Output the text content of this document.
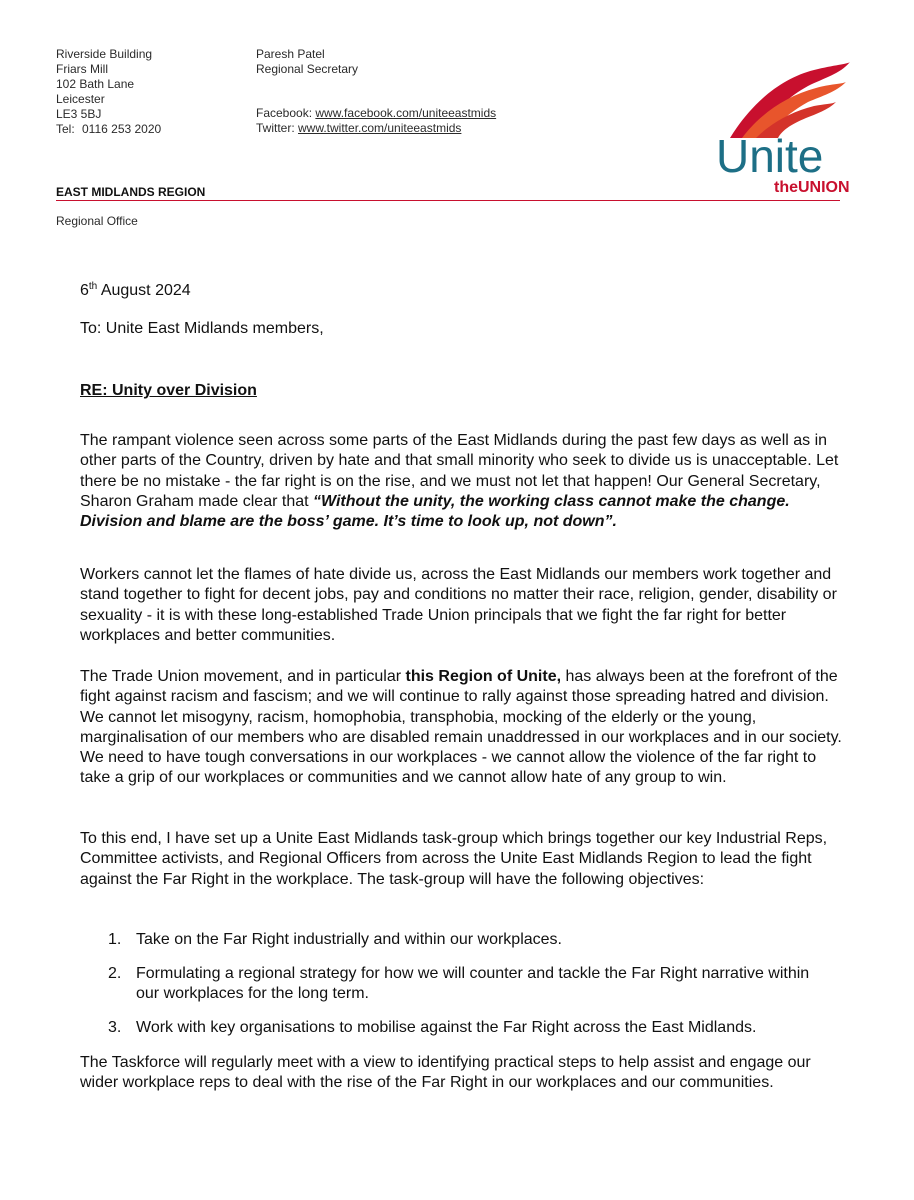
Riverside Building
Friars Mill
102 Bath Lane
Leicester
LE3 5BJ
Tel: 0116 253 2020
Paresh Patel
Regional Secretary
Facebook: www.facebook.com/uniteeastmids
Twitter: www.twitter.com/uniteeastmids
Unite
theUNION
EAST MIDLANDS REGION
Regional Office
6th August 2024
To: Unite East Midlands members,
RE: Unity over Division

The rampant violence seen across some parts of the East Midlands during the past few days as well as in other parts of the Country, driven by hate and that small minority who seek to divide us is unacceptable. Let there be no mistake - the far right is on the rise, and we must not let that happen! Our General Secretary, Sharon Graham made clear that “Without the unity, the working class cannot make the change. Division and blame are the boss’ game. It’s time to look up, not down”.

Workers cannot let the flames of hate divide us, across the East Midlands our members work together and stand together to fight for decent jobs, pay and conditions no matter their race, religion, gender, disability or sexuality - it is with these long-established Trade Union principals that we fight the far right for better workplaces and better communities.

The Trade Union movement, and in particular this Region of Unite, has always been at the forefront of the fight against racism and fascism; and we will continue to rally against those spreading hatred and division. We cannot let misogyny, racism, homophobia, transphobia, mocking of the elderly or the young, marginalisation of our members who are disabled remain unaddressed in our workplaces and in our society. We need to have tough conversations in our workplaces - we cannot allow the violence of the far right to take a grip of our workplaces or communities and we cannot allow hate of any group to win.

To this end, I have set up a Unite East Midlands task-group which brings together our key Industrial Reps, Committee activists, and Regional Officers from across the Unite East Midlands Region to lead the fight against the Far Right in the workplace. The task-group will have the following objectives:

1. Take on the Far Right industrially and within our workplaces.
2. Formulating a regional strategy for how we will counter and tackle the Far Right narrative within our workplaces for the long term.
3. Work with key organisations to mobilise against the Far Right across the East Midlands.

The Taskforce will regularly meet with a view to identifying practical steps to help assist and engage our wider workplace reps to deal with the rise of the Far Right in our workplaces and our communities.
